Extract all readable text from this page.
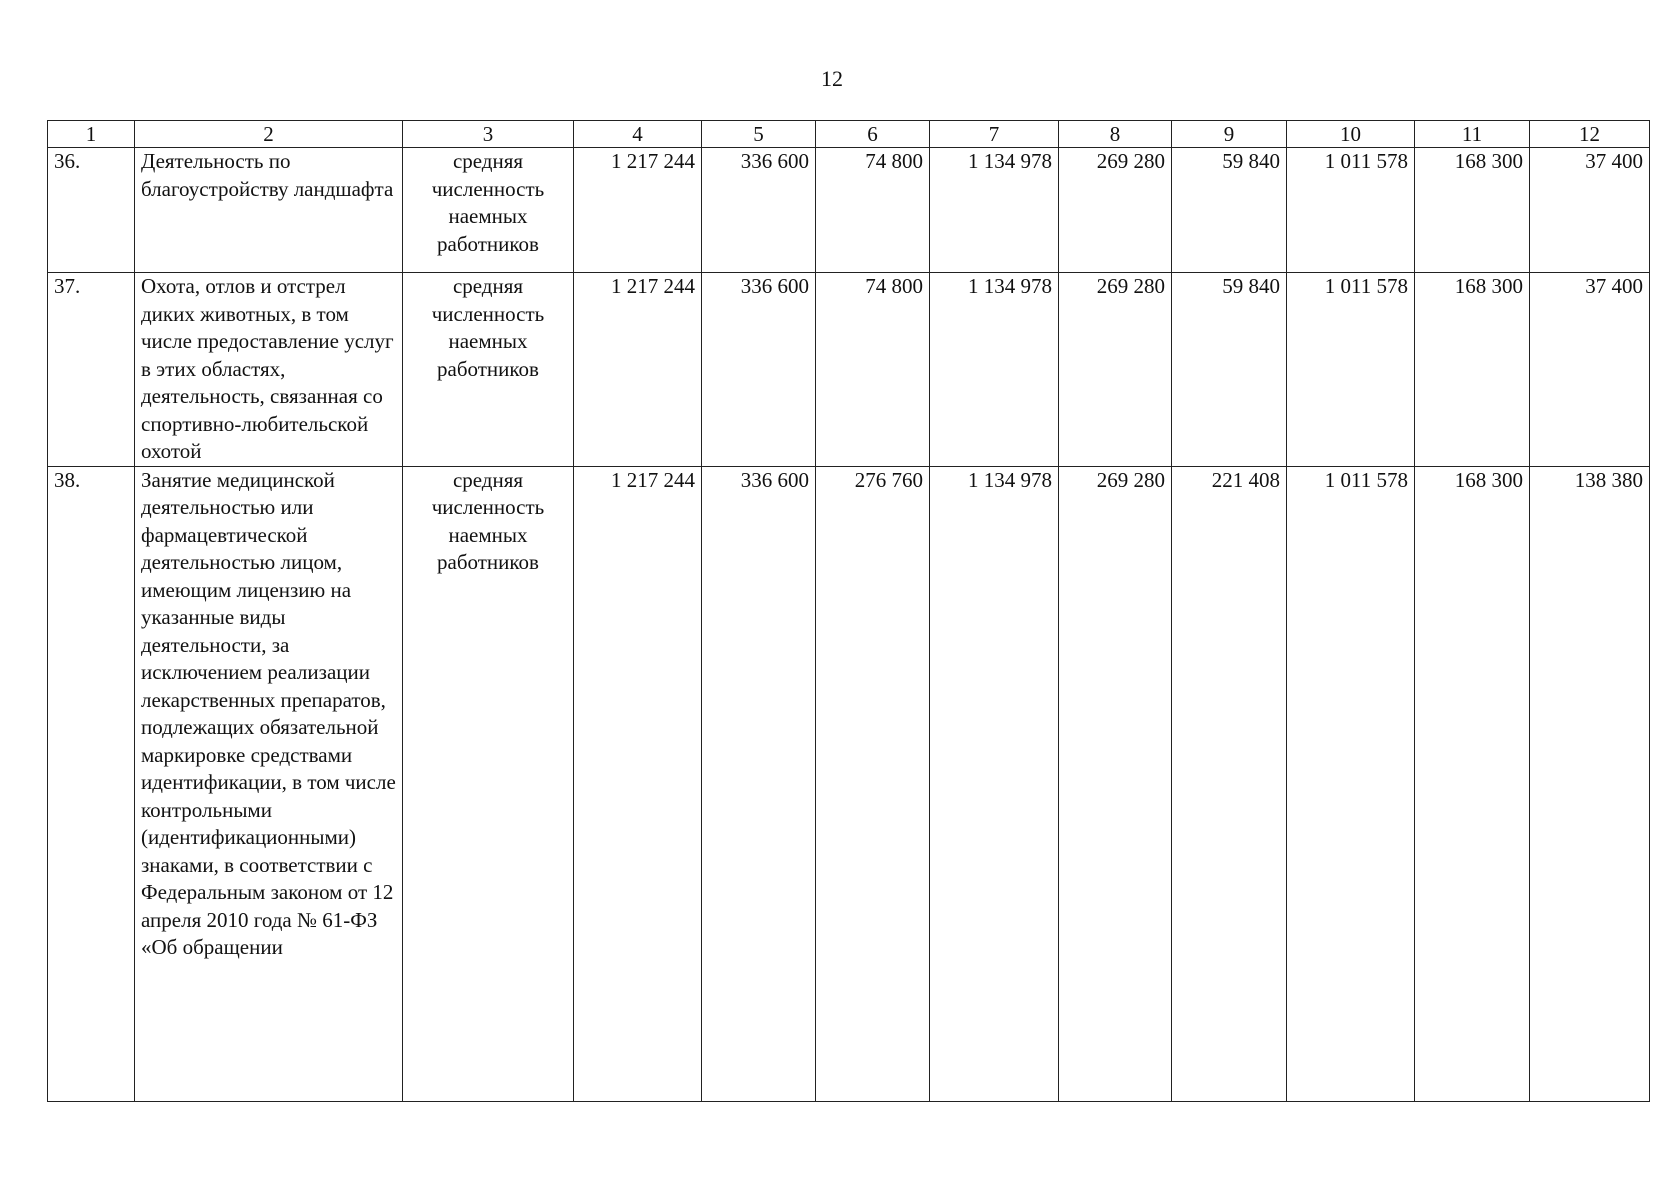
12
1	2	3	4	5	6	7	8	9	10	11	12
36.	Деятельность по благоустройству ландшафта	средняя численность наемных работников	1 217 244	336 600	74 800	1 134 978	269 280	59 840	1 011 578	168 300	37 400
37.	Охота, отлов и отстрел диких животных, в том числе предоставление услуг в этих областях, деятельность, связанная со спортивно-любительской охотой	средняя численность наемных работников	1 217 244	336 600	74 800	1 134 978	269 280	59 840	1 011 578	168 300	37 400
38.	Занятие медицинской деятельностью или фармацевтической деятельностью лицом, имеющим лицензию на указанные виды деятельности, за исключением реализации лекарственных препаратов, подлежащих обязательной маркировке средствами идентификации, в том числе контрольными (идентификационными) знаками, в соответствии с Федеральным законом от 12 апреля 2010 года № 61-ФЗ «Об обращении	средняя численность наемных работников	1 217 244	336 600	276 760	1 134 978	269 280	221 408	1 011 578	168 300	138 380
